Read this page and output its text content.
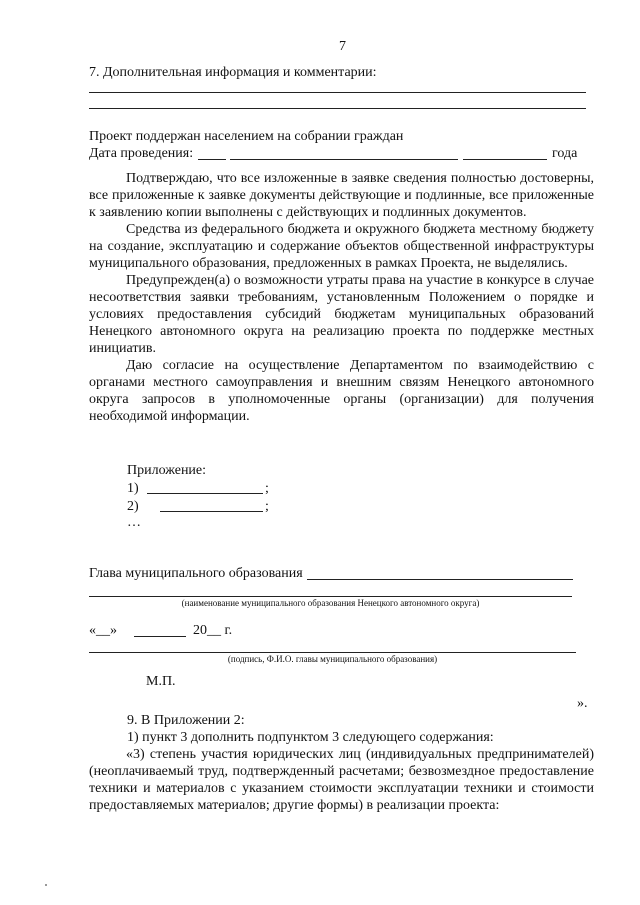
7
7. Дополнительная информация и комментарии:
Проект поддержан населением на собрании граждан
Дата проведения:	года

Подтверждаю, что все изложенные в заявке сведения полностью достоверны, все приложенные к заявке документы действующие и подлинные, все приложенные к заявлению копии выполнены с действующих и подлинных документов.

Средства из федерального бюджета и окружного бюджета местному бюджету на создание, эксплуатацию и содержание объектов общественной инфраструктуры муниципального образования, предложенных в рамках Проекта, не выделялись.

Предупрежден(а) о возможности утраты права на участие в конкурсе в случае несоответствия заявки требованиям, установленным Положением о порядке и условиях предоставления субсидий бюджетам муниципальных образований Ненецкого автономного округа на реализацию проекта по поддержке местных инициатив.

Даю согласие на осуществление Департаментом по взаимодействию с органами местного самоуправления и внешним связям Ненецкого автономного округа запросов в уполномоченные органы (организации) для получения необходимой информации.

Приложение:
1)	;
2)	;
…
Глава муниципального образования
(наименование муниципального образования Ненецкого автономного округа)
«__»	20__ г.
(подпись, Ф.И.О. главы муниципального образования)
М.П.
».
9. В Приложении 2:
1) пункт 3 дополнить подпунктом 3 следующего содержания:

«3) степень участия юридических лиц (индивидуальных предпринимателей) (неоплачиваемый труд, подтвержденный расчетами; безвозмездное предоставление техники и материалов с указанием стоимости эксплуатации техники и стоимости предоставляемых материалов; другие формы) в реализации проекта:
